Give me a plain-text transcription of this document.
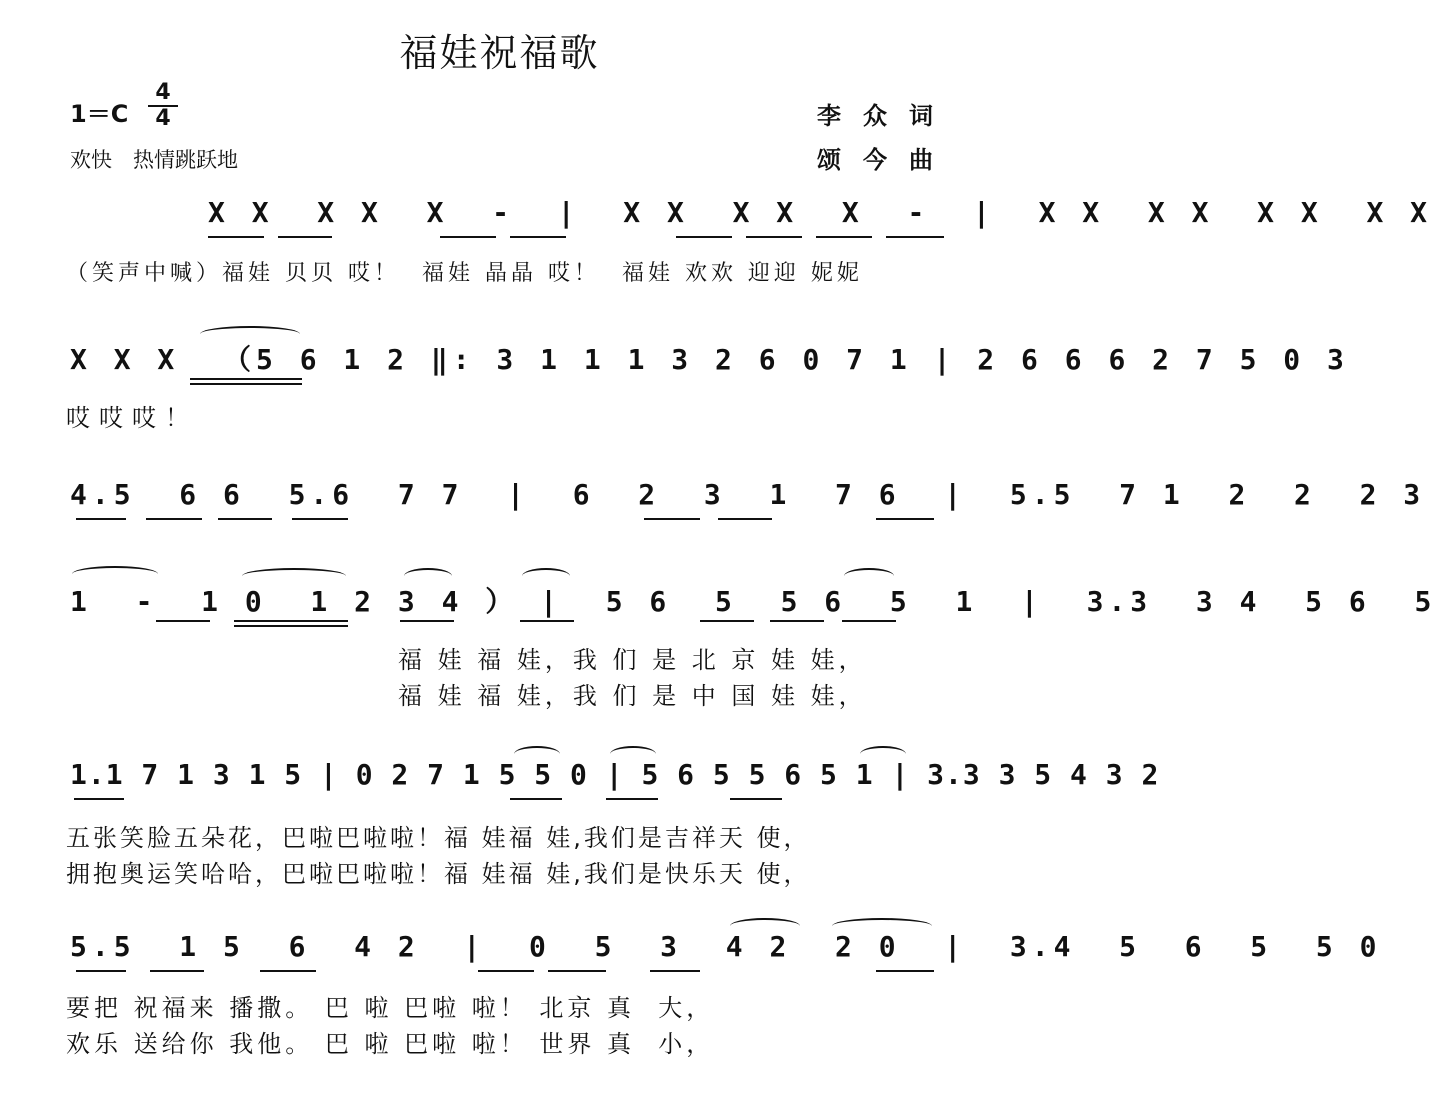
福娃祝福歌
1＝C
4
4
欢快　热情跳跃地
李众词
颂今曲
X X  X X  X  -  |  X X  X X  X  -  |  X X  X X  X X  X X
（笑声中喊）福娃 贝贝 哎！  福娃 晶晶 哎！  福娃 欢欢 迎迎 妮妮
X X X  （5 6 1 2 ‖: 3 1 1 1 3 2 6 0 7 1 | 2 6 6 6 2 7 5 0 3
哎哎哎！
4.5  6 6  5.6  7 7  |  6  2  3  1  7 6  |  5.5  7 1  2  2  2 3
1  -  1 0  1 2 3 4 ） |  5 6  5  5 6  5  1  |  3.3  3 4  5 6  5
福 娃 福 娃，我 们 是 北 京 娃 娃，
福 娃 福 娃，我 们 是 中 国 娃 娃，
1.1 7 1 3 1 5 | 0 2 7 1 5 5 0 | 5 6 5 5 6 5 1 | 3.3 3 5 4 3 2
五张笑脸五朵花，巴啦巴啦啦！福 娃福 娃,我们是吉祥天 使，
拥抱奥运笑哈哈，巴啦巴啦啦！福 娃福 娃,我们是快乐天 使，
5.5  1 5  6  4 2  |  0  5  3  4 2  2 0  |  3.4  5  6  5  5 0
要把 祝福来 播撒。 巴 啦 巴啦 啦！ 北京 真  大，
欢乐 送给你 我他。 巴 啦 巴啦 啦！ 世界 真  小，
